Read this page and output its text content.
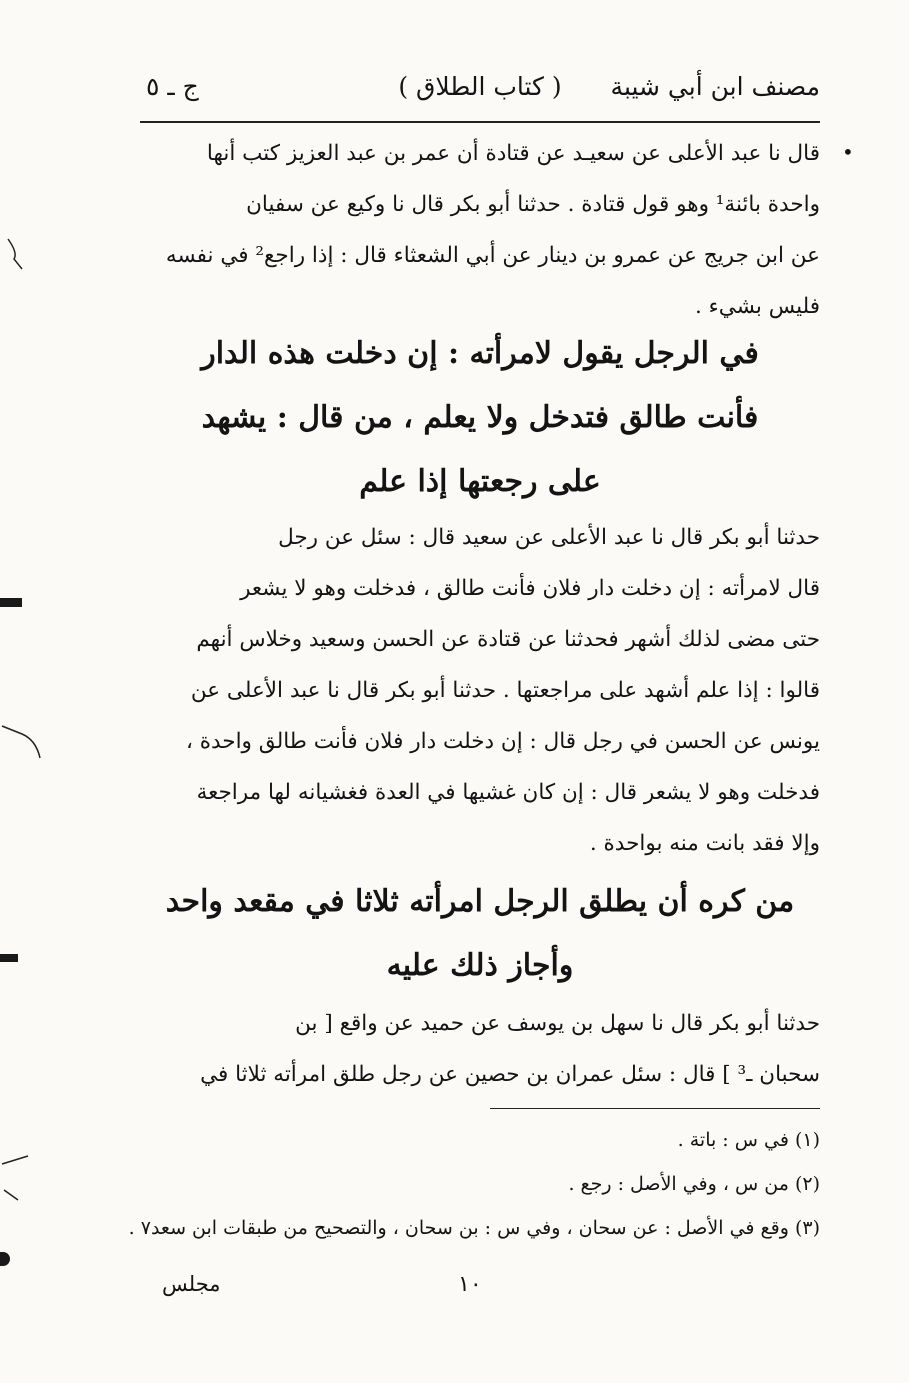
مصنف ابن أبي شيبة
( كتاب الطلاق )
ج ـ ٥
•
قال نا عبد الأعلى عن سعيـد عن قتادة أن عمر بن عبد العزيز كتب أنها
واحدة بائنة¹ وهو قول قتادة . حدثنا أبو بكر قال نا وكيع عن سفيان
عن ابن جريج عن عمرو بن دينار عن أبي الشعثاء قال : إذا راجع² في نفسه
فليس بشيء .
في الرجل يقول لامرأته : إن دخلت هذه الدار
فأنت طالق فتدخل ولا يعلم ، من قال : يشهد
على رجعتها إذا علم
حدثنا أبو بكر قال نا عبد الأعلى عن سعيد قال : سئل عن رجل
قال لامرأته : إن دخلت دار فلان فأنت طالق ، فدخلت وهو لا يشعر
حتى مضى لذلك أشهر فحدثنا عن قتادة عن الحسن وسعيد وخلاس أنهم
قالوا : إذا علم أشهد على مراجعتها . حدثنا أبو بكر قال نا عبد الأعلى عن
يونس عن الحسن في رجل قال : إن دخلت دار فلان فأنت طالق واحدة ،
فدخلت وهو لا يشعر قال : إن كان غشيها في العدة فغشيانه لها مراجعة
وإلا فقد بانت منه بواحدة .
من كره أن يطلق الرجل امرأته ثلاثا في مقعد واحد
وأجاز ذلك عليه
حدثنا أبو بكر قال نا سهل بن يوسف عن حميد عن واقع [ بن
سحبان ـ³ ] قال : سئل عمران بن حصين عن رجل طلق امرأته ثلاثا في
(١) في س : باتة .
(٢) من س ، وفي الأصل : رجع .
(٣) وقع في الأصل : عن سحان ، وفي س : بن سحان ، والتصحيح من طبقات ابن سعد٧ .
١٠
مجلس
